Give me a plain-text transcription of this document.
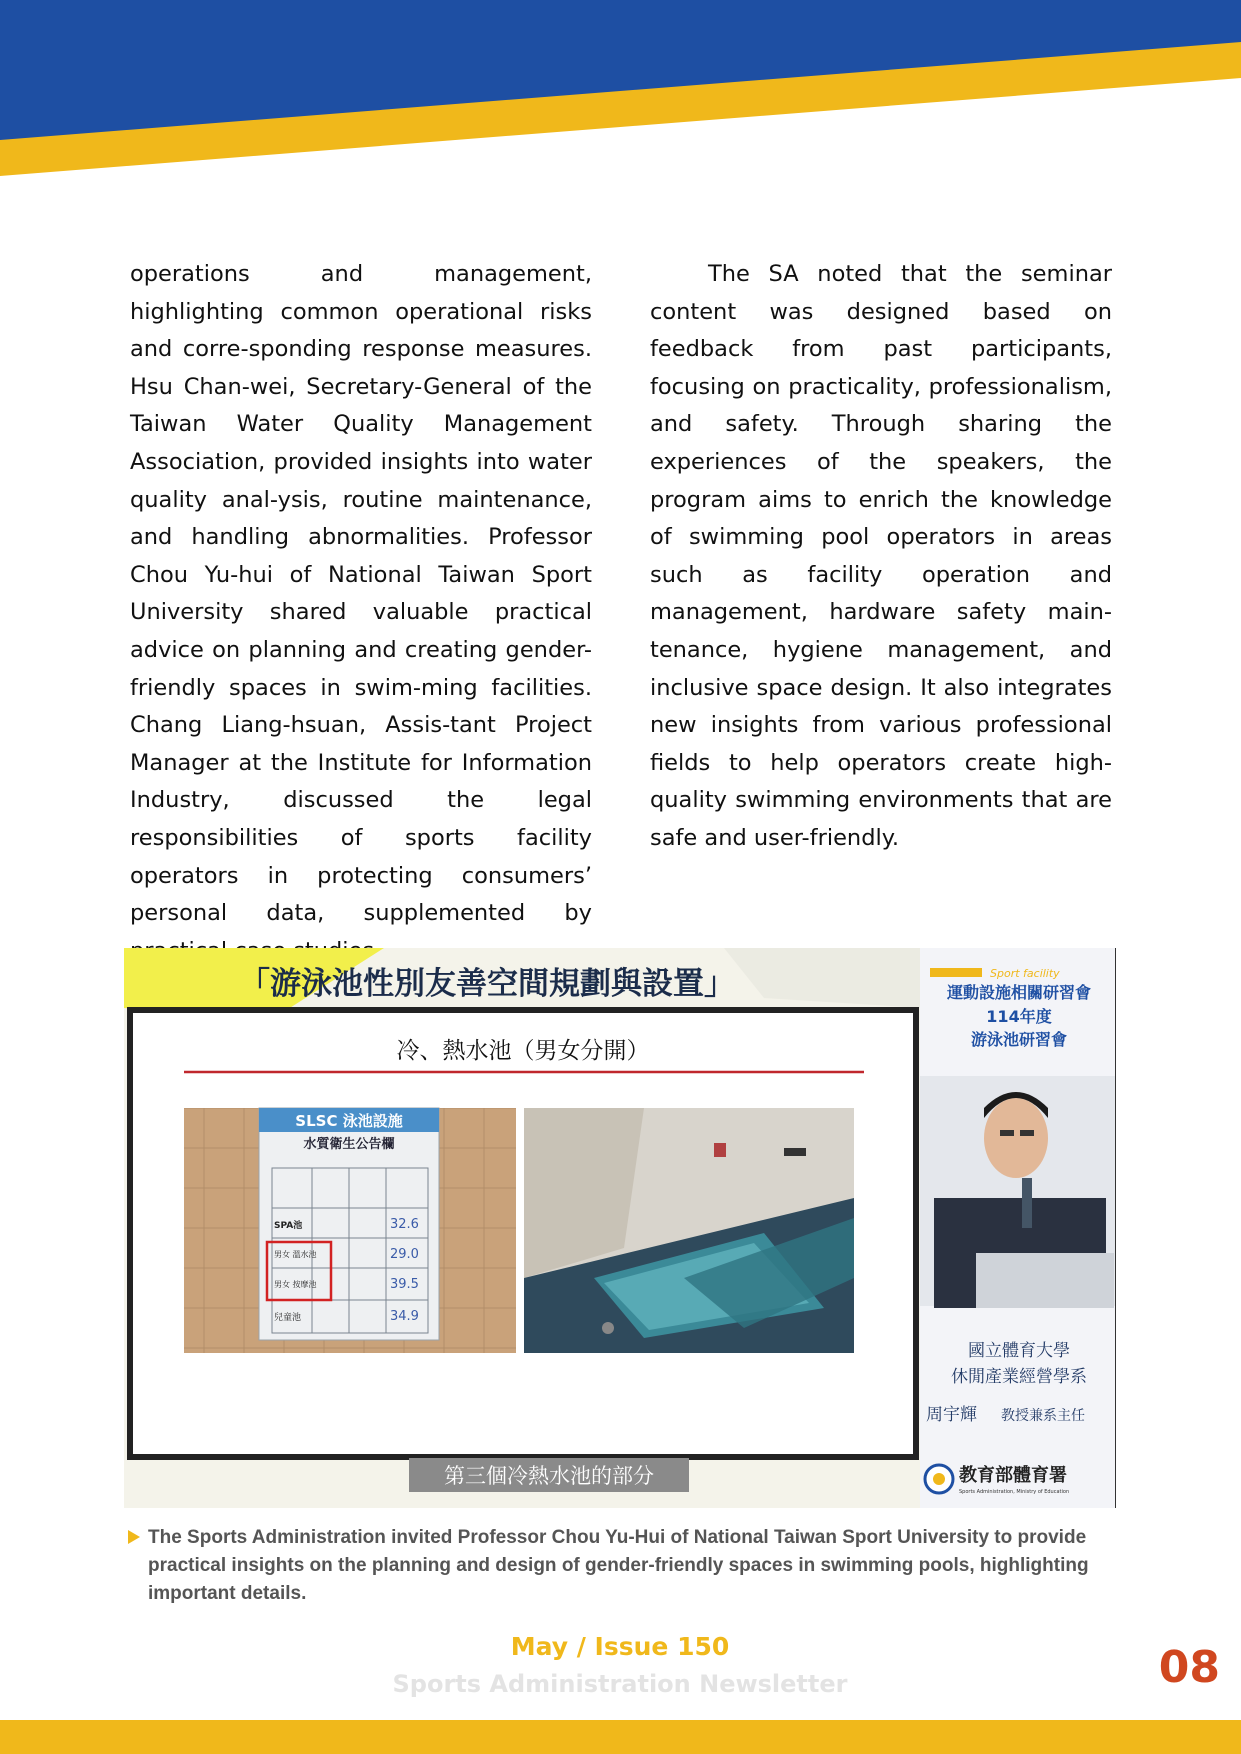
operations and management, highlighting common operational risks and corre-sponding response measures. Hsu Chan-wei, Secretary-General of the Taiwan Water Quality Management Association, provided insights into water quality anal-ysis, routine maintenance, and handling abnormalities. Professor Chou Yu-hui of National Taiwan Sport University shared valuable practical advice on planning and creating gender-friendly spaces in swim-ming facilities. Chang Liang-hsuan, Assis-tant Project Manager at the Institute for Information Industry, discussed the legal responsibilities of sports facility operators in protecting consumers’ personal data, supplemented by
The SA noted that the seminar content was designed based on feedback from past participants, focusing on practicality, professionalism, and safety. Through sharing the experiences of the speakers, the program aims to enrich the knowledge of swimming pool operators in areas such as facility operation and management, hardware safety main-tenance, hygiene management, and inclusive space design. It also integrates new insights from various professional fields to help operators create high-quality swimming environments that are safe and user-friendly.
「游泳池性別友善空間規劃與設置」
冷、熱水池（男女分開）
SLSC 泳池設施
水質衛生公告欄
SPA池
男女 溫水池
男女 按摩池
兒童池
32.6
29.0
39.5
34.9
Sport facility
運動設施相關研習會
114年度
游泳池研習會
國立體育大學
休閒產業經營學系
周宇輝 教授兼系主任
第三個冷熱水池的部分	教育部體育署
Sports Administration, Ministry of Education
The Sports Administration invited Professor Chou Yu-Hui of National Taiwan Sport University to provide practical insights on the planning and design of gender-friendly spaces in swimming pools, highlighting important details.
May / Issue 150
Sports Administration Newsletter	08
